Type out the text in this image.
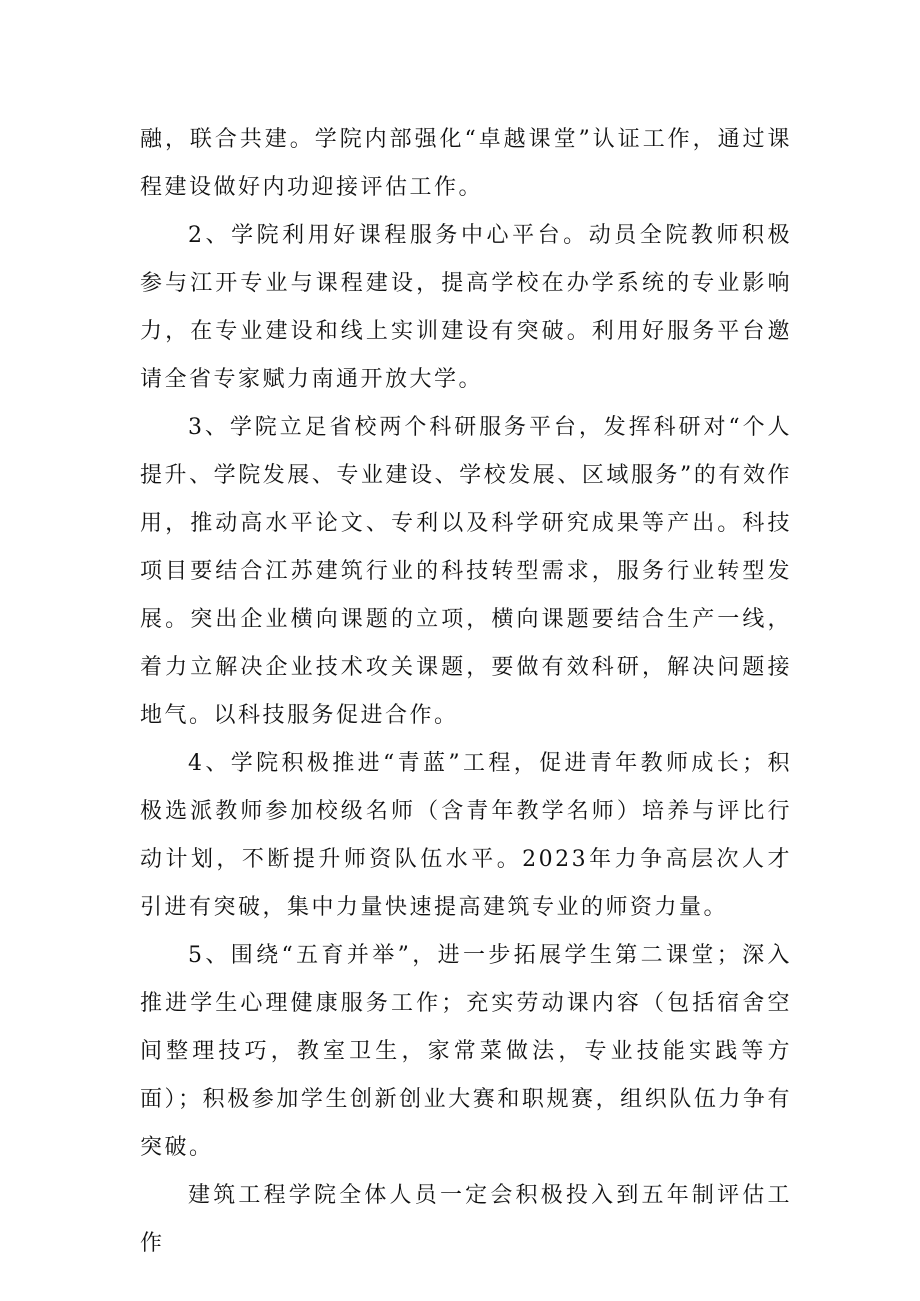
融，联合共建。学院内部强化“卓越课堂”认证工作，通过课程建设做好内功迎接评估工作。

2、学院利用好课程服务中心平台。动员全院教师积极参与江开专业与课程建设，提高学校在办学系统的专业影响力，在专业建设和线上实训建设有突破。利用好服务平台邀请全省专家赋力南通开放大学。

3、学院立足省校两个科研服务平台，发挥科研对“个人提升、学院发展、专业建设、学校发展、区域服务”的有效作用，推动高水平论文、专利以及科学研究成果等产出。科技项目要结合江苏建筑行业的科技转型需求，服务行业转型发展。突出企业横向课题的立项，横向课题要结合生产一线，着力立解决企业技术攻关课题，要做有效科研，解决问题接地气。以科技服务促进合作。

4、学院积极推进“青蓝”工程，促进青年教师成长；积极选派教师参加校级名师（含青年教学名师）培养与评比行动计划，不断提升师资队伍水平。2023年力争高层次人才引进有突破，集中力量快速提高建筑专业的师资力量。

5、围绕“五育并举”，进一步拓展学生第二课堂；深入推进学生心理健康服务工作；充实劳动课内容（包括宿舍空间整理技巧，教室卫生，家常菜做法，专业技能实践等方面）；积极参加学生创新创业大赛和职规赛，组织队伍力争有突破。

建筑工程学院全体人员一定会积极投入到五年制评估工作
